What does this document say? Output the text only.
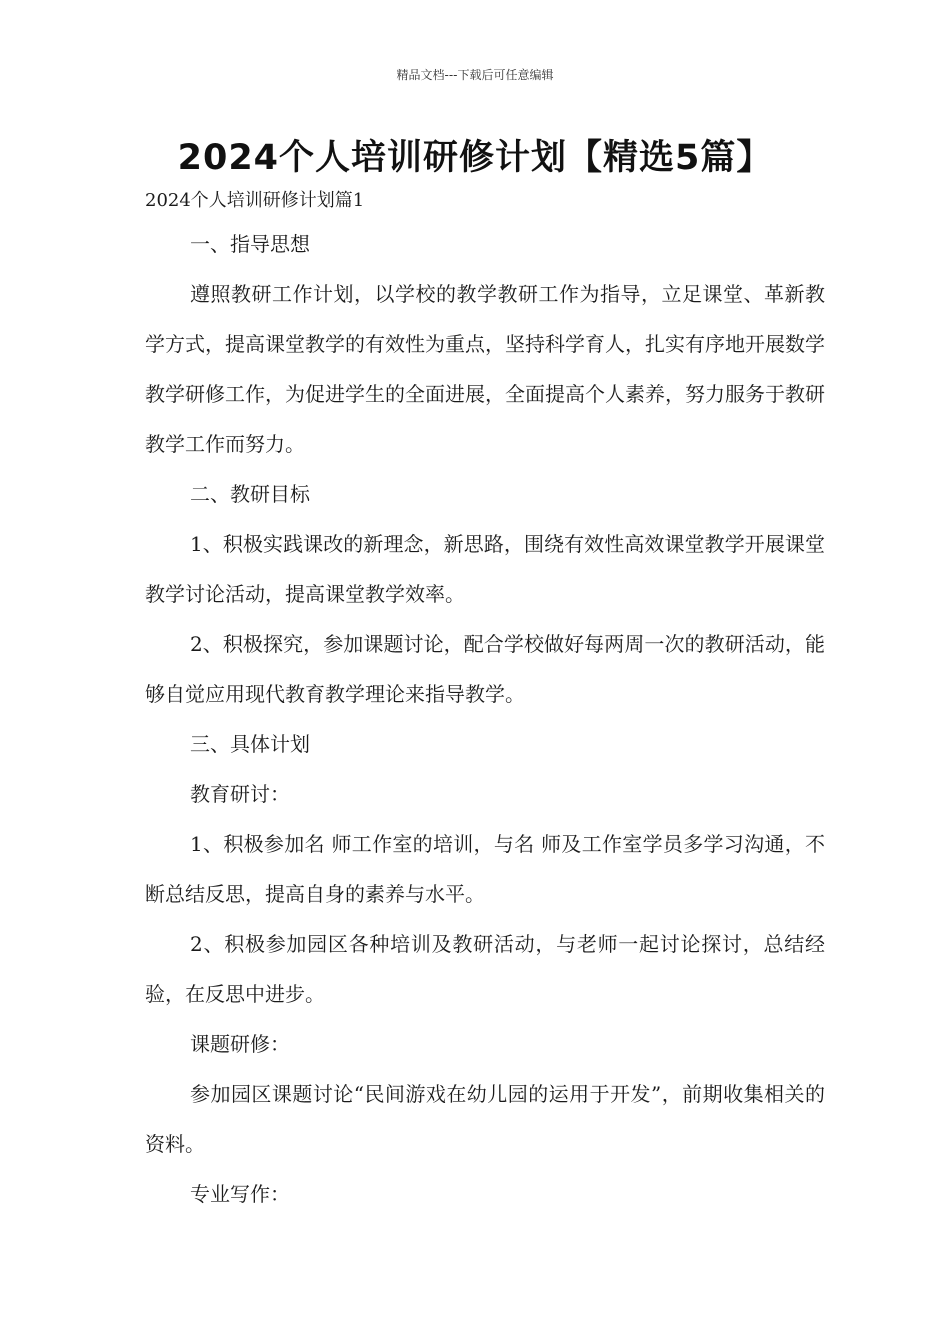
精品文档---下载后可任意编辑
2024个人培训研修计划【精选5篇】
2024个人培训研修计划篇1

一、指导思想

遵照教研工作计划，以学校的教学教研工作为指导，立足课堂、革新教学方式，提高课堂教学的有效性为重点，坚持科学育人，扎实有序地开展数学教学研修工作，为促进学生的全面进展，全面提高个人素养，努力服务于教研教学工作而努力。

二、教研目标

1、积极实践课改的新理念，新思路，围绕有效性高效课堂教学开展课堂教学讨论活动，提高课堂教学效率。

2、积极探究，参加课题讨论，配合学校做好每两周一次的教研活动，能够自觉应用现代教育教学理论来指导教学。

三、具体计划

教育研讨：

1、积极参加名 师工作室的培训，与名 师及工作室学员多学习沟通，不断总结反思，提高自身的素养与水平。

2、积极参加园区各种培训及教研活动，与老师一起讨论探讨，总结经验，在反思中进步。

课题研修：

参加园区课题讨论“民间游戏在幼儿园的运用于开发”，前期收集相关的资料。

专业写作：
